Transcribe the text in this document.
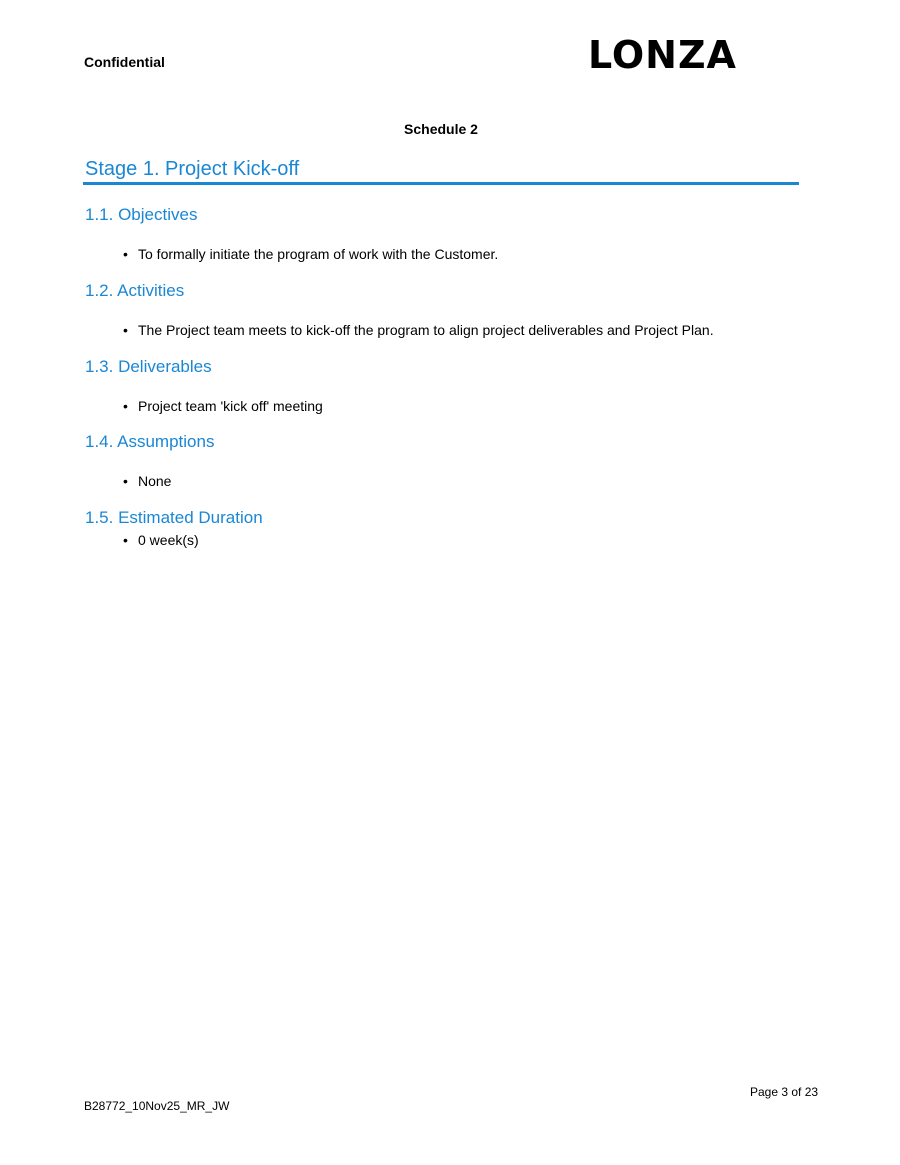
Confidential	LONZA
Schedule 2
Stage 1. Project Kick-off
1.1. Objectives
• To formally initiate the program of work with the Customer.
1.2. Activities
• The Project team meets to kick-off the program to align project deliverables and Project Plan.
1.3. Deliverables
• Project team 'kick off' meeting
1.4. Assumptions
• None
1.5. Estimated Duration
• 0 week(s)
Page 3 of 23
B28772_10Nov25_MR_JW
